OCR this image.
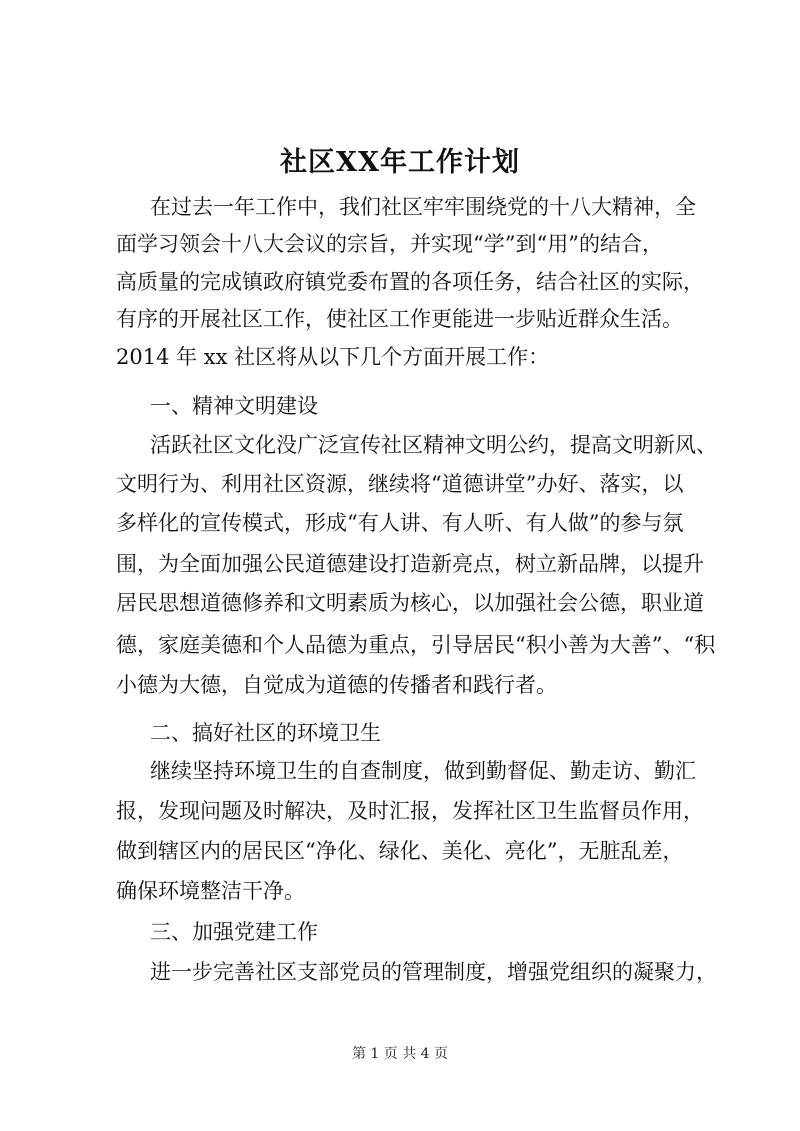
社区XX年工作计划
在过去一年工作中，我们社区牢牢围绕党的十八大精神，全
面学习领会十八大会议的宗旨，并实现“学”到“用”的结合，
高质量的完成镇政府镇党委布置的各项任务，结合社区的实际，
有序的开展社区工作，使社区工作更能进一步贴近群众生活。
2014 年 xx 社区将从以下几个方面开展工作：
一、精神文明建设
活跃社区文化没广泛宣传社区精神文明公约，提高文明新风、
文明行为、利用社区资源，继续将“道德讲堂”办好、落实，以
多样化的宣传模式，形成“有人讲、有人听、有人做”的参与氛
围，为全面加强公民道德建设打造新亮点，树立新品牌，以提升
居民思想道德修养和文明素质为核心，以加强社会公德，职业道
德，家庭美德和个人品德为重点，引导居民“积小善为大善”、“积
小德为大德，自觉成为道德的传播者和践行者。
二、搞好社区的环境卫生
继续坚持环境卫生的自查制度，做到勤督促、勤走访、勤汇
报，发现问题及时解决，及时汇报，发挥社区卫生监督员作用，
做到辖区内的居民区“净化、绿化、美化、亮化”，无脏乱差，
确保环境整洁干净。
三、加强党建工作
进一步完善社区支部党员的管理制度，增强党组织的凝聚力，
第 1 页 共 4 页
